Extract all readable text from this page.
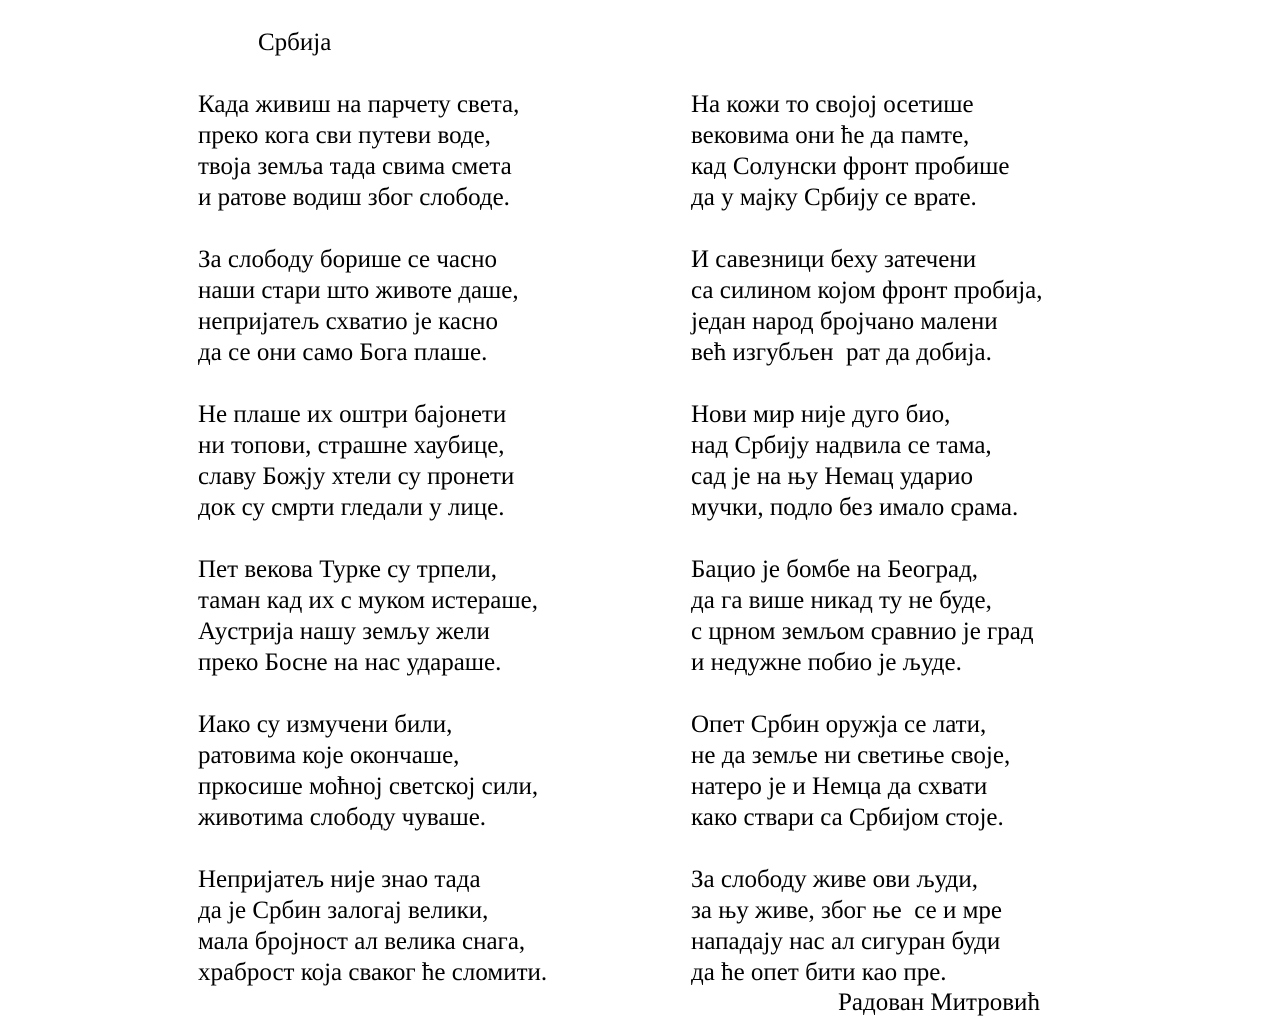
Србија
Када живиш на парчету света,
преко кога сви путеви воде,
твоја земља тада свима смета
и ратове водиш због слободе.
За слободу борише се часно
наши стари што животе даше,
непријатељ схватио је касно
да се они само Бога плаше.
Не плаше их оштри бајонети
ни топови, страшне хаубице,
славу Божју хтели су пронети
док су смрти гледали у лице.
Пет векова Турке су трпели,
таман кад их с муком истераше,
Аустрија нашу земљу жели
преко Босне на нас удараше.
Иако су измучени били,
ратовима које окончаше,
пркосише моћној светској сили,
животима слободу чуваше.
Непријатељ није знао тада
да је Србин залогај велики,
мала бројност ал велика снага,
храброст која сваког ће сломити.
На кожи то својој осетише
вековима они ће да памте,
кад Солунски фронт пробише
да у мајку Србију се врате.
И савезници беху затечени
са силином којом фронт пробија,
један народ бројчано малени
већ изгубљен  рат да добија.
Нови мир није дуго био,
над Србију надвила се тама,
сад је на њу Немац ударио
мучки, подло без имало срама.
Бацио је бомбе на Београд,
да га више никад ту не буде,
с црном земљом сравнио је град
и недужне побио је људе.
Опет Србин оружја се лати,
не да земље ни светиње своје,
натеро је и Немца да схвати
како ствари са Србијом стоје.
За слободу живе ови људи,
за њу живе, због ње  се и мре
нападају нас ал сигуран буди
да ће опет бити као пре.
Радован Митровић
